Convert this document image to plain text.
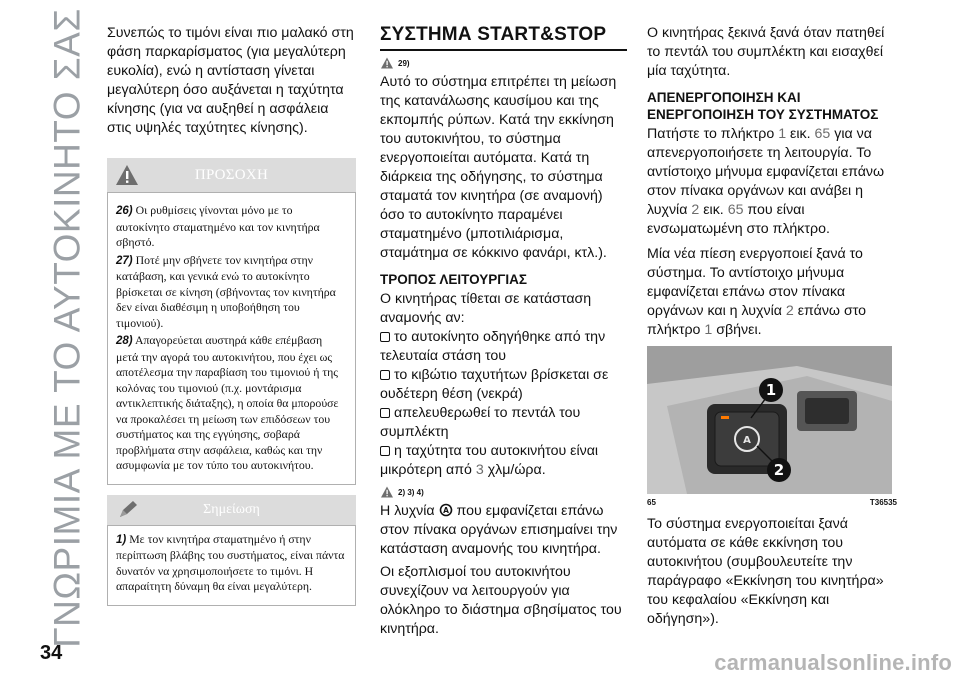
ΓΝΩΡΙΜΙΑ ΜΕ ΤΟ ΑΥΤΟΚΙΝΗΤΟ ΣΑΣ
34	carmanualsonline.info

Συνεπώς το τιμόνι είναι πιο μαλακό στη φάση παρκαρίσματος (για μεγαλύτερη ευκολία), ενώ η αντίσταση γίνεται μεγαλύτερη όσο αυξάνεται η ταχύτητα κίνησης (για να αυξηθεί η ασφάλεια στις υψηλές ταχύτητες κίνησης).

ΠΡΟΣΟΧΗ

26) Οι ρυθμίσεις γίνονται μόνο με το αυτοκίνητο σταματημένο και τον κινητήρα σβηστό.

27) Ποτέ μην σβήνετε τον κινητήρα στην κατάβαση, και γενικά ενώ το αυτοκίνητο βρίσκεται σε κίνηση (σβήνοντας τον κινητήρα δεν είναι διαθέσιμη η υποβοήθηση του τιμονιού).

28) Απαγορεύεται αυστηρά κάθε επέμβαση μετά την αγορά του αυτοκινήτου, που έχει ως αποτέλεσμα την παραβίαση του τιμονιού ή της κολόνας του τιμονιού (π.χ. μοντάρισμα αντικλεπτικής διάταξης), η οποία θα μπορούσε να προκαλέσει τη μείωση των επιδόσεων του συστήματος και της εγγύησης, σοβαρά προβλήματα στην ασφάλεια, καθώς και την ασυμφωνία με τον τύπο του αυτοκινήτου.

Σημείωση

1) Με τον κινητήρα σταματημένο ή στην περίπτωση βλάβης του συστήματος, είναι πάντα δυνατόν να χρησιμοποιήσετε το τιμόνι. Η απαραίτητη δύναμη θα είναι μεγαλύτερη.

ΣΥΣΤΗΜΑ START&STOP
29)

Αυτό το σύστημα επιτρέπει τη μείωση της κατανάλωσης καυσίμου και της εκπομπής ρύπων. Κατά την εκκίνηση του αυτοκινήτου, το σύστημα ενεργοποιείται αυτόματα. Κατά τη διάρκεια της οδήγησης, το σύστημα σταματά τον κινητήρα (σε αναμονή) όσο το αυτοκίνητο παραμένει σταματημένο (μποτιλιάρισμα, σταμάτημα σε κόκκινο φανάρι, κτλ.).

ΤΡΟΠΟΣ ΛΕΙΤΟΥΡΓΙΑΣ

Ο κινητήρας τίθεται σε κατάσταση αναμονής αν:

το αυτοκίνητο οδηγήθηκε από την τελευταία στάση του

το κιβώτιο ταχυτήτων βρίσκεται σε ουδέτερη θέση (νεκρά)

απελευθερωθεί το πεντάλ του συμπλέκτη

η ταχύτητα του αυτοκινήτου είναι μικρότερη από 3 χλμ/ώρα.

2) 3) 4)

Η λυχνία A που εμφανίζεται επάνω στον πίνακα οργάνων επισημαίνει την κατάσταση αναμονής του κινητήρα.

Οι εξοπλισμοί του αυτοκινήτου συνεχίζουν να λειτουργούν για ολόκληρο το διάστημα σβησίματος του κινητήρα.

Ο κινητήρας ξεκινά ξανά όταν πατηθεί το πεντάλ του συμπλέκτη και εισαχθεί μία ταχύτητα.

ΑΠΕΝΕΡΓΟΠΟΙΗΣΗ ΚΑΙ ΕΝΕΡΓΟΠΟΙΗΣΗ ΤΟΥ ΣΥΣΤΗΜΑΤΟΣ

Πατήστε το πλήκτρο 1 εικ. 65 για να απενεργοποιήσετε τη λειτουργία. Το αντίστοιχο μήνυμα εμφανίζεται επάνω στον πίνακα οργάνων και ανάβει η λυχνία 2 εικ. 65 που είναι ενσωματωμένη στο πλήκτρο.

Μία νέα πίεση ενεργοποιεί ξανά το σύστημα. Το αντίστοιχο μήνυμα εμφανίζεται επάνω στον πίνακα οργάνων και η λυχνία 2 επάνω στο πλήκτρο 1 σβήνει.

A
1
2
65	T36535

Το σύστημα ενεργοποιείται ξανά αυτόματα σε κάθε εκκίνηση του αυτοκινήτου (συμβουλευτείτε την παράγραφο «Εκκίνηση του κινητήρα» του κεφαλαίου «Εκκίνηση και οδήγηση»).
